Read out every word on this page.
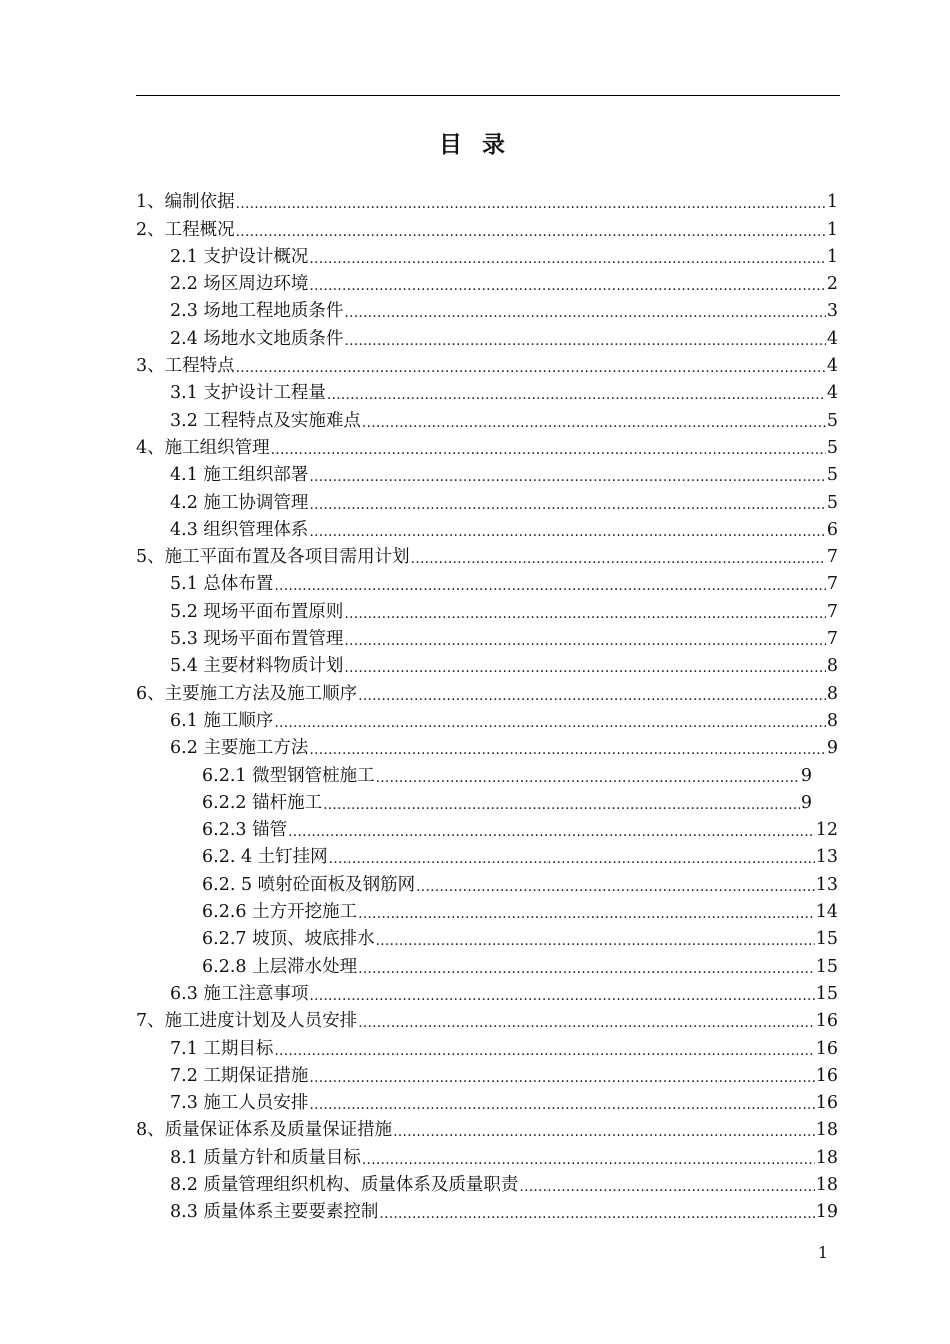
目 录
1、编制依据 .....	1
2、工程概况 .....	1
2.1 支护设计概况 .....	1
2.2 场区周边环境 .....	2
2.3 场地工程地质条件 .....	3
2.4 场地水文地质条件 .....	4
3、工程特点 .....	4
3.1 支护设计工程量 .....	4
3.2 工程特点及实施难点 .....	5
4、施工组织管理 .....	5
4.1 施工组织部署 .....	5
4.2 施工协调管理 .....	5
4.3 组织管理体系 .....	6
5、施工平面布置及各项目需用计划 .....	7
5.1 总体布置 .....	7
5.2 现场平面布置原则 .....	7
5.3 现场平面布置管理 .....	7
5.4 主要材料物质计划 .....	8
6、主要施工方法及施工顺序 .....	8
6.1 施工顺序 .....	8
6.2 主要施工方法 .....	9
6.2.1 微型钢管桩施工 .....	9
6.2.2 锚杆施工 .....	9
6.2.3 锚管 .....	12
6.2. 4 土钉挂网 .....	13
6.2. 5 喷射砼面板及钢筋网 .....	13
6.2.6 土方开挖施工 .....	14
6.2.7 坡顶、坡底排水 .....	15
6.2.8 上层滞水处理 .....	15
6.3 施工注意事项 .....	15
7、施工进度计划及人员安排 .....	16
7.1 工期目标 .....	16
7.2 工期保证措施 .....	16
7.3 施工人员安排 .....	16
8、质量保证体系及质量保证措施 .....	18
8.1 质量方针和质量目标 .....	18
8.2 质量管理组织机构、质量体系及质量职责 .....	18
8.3 质量体系主要要素控制 .....	19
1
